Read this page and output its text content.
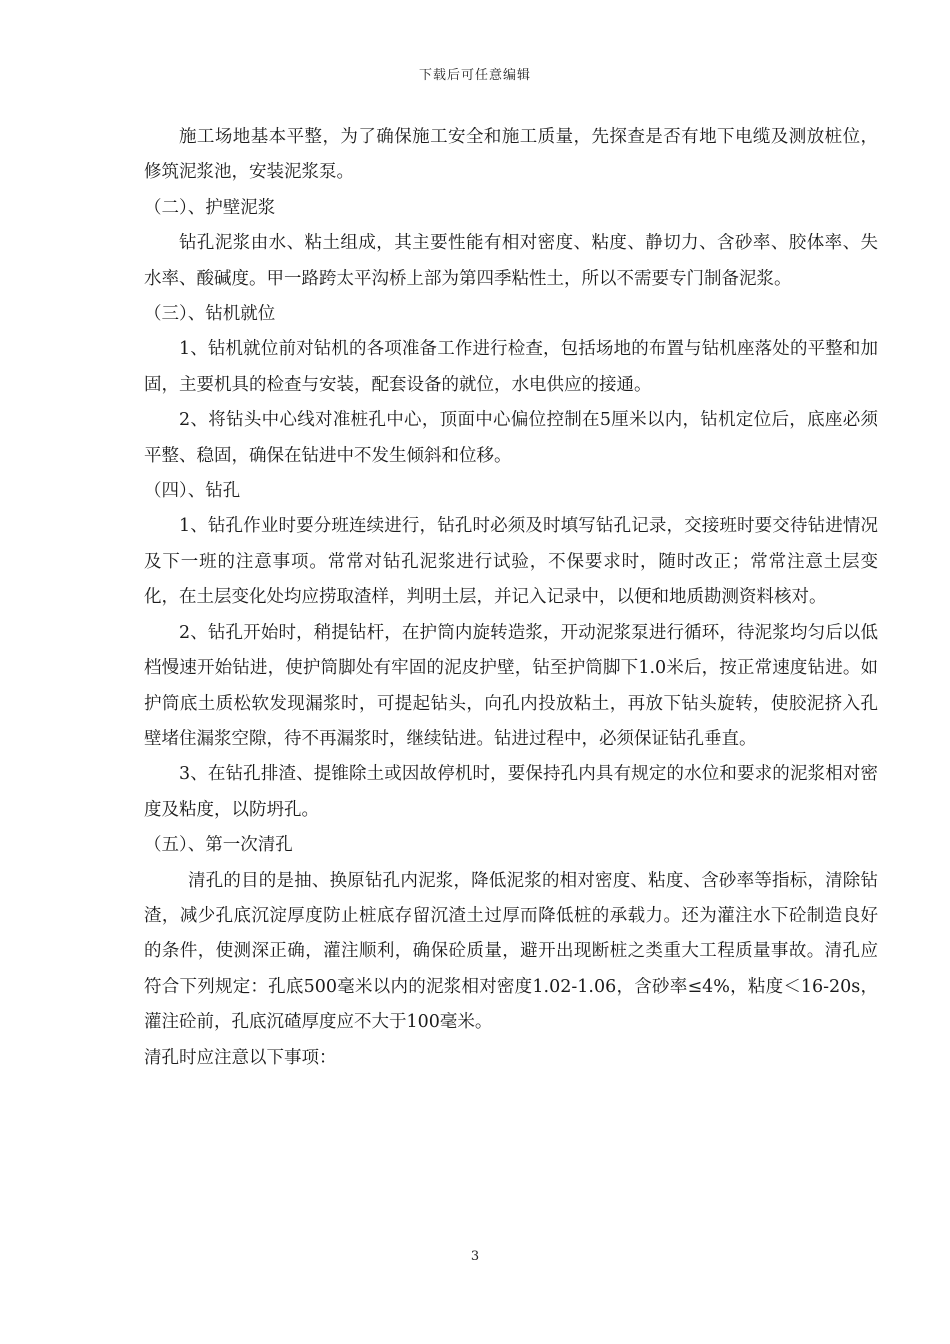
下载后可任意编辑

施工场地基本平整，为了确保施工安全和施工质量，先探查是否有地下电缆及测放桩位，修筑泥浆池，安装泥浆泵。

（二）、护壁泥浆

钻孔泥浆由水、粘土组成，其主要性能有相对密度、粘度、静切力、含砂率、胶体率、失水率、酸碱度。甲一路跨太平沟桥上部为第四季粘性土，所以不需要专门制备泥浆。

（三）、钻机就位

1、钻机就位前对钻机的各项准备工作进行检查，包括场地的布置与钻机座落处的平整和加固，主要机具的检查与安装，配套设备的就位，水电供应的接通。

2、将钻头中心线对准桩孔中心，顶面中心偏位控制在5厘米以内，钻机定位后，底座必须平整、稳固，确保在钻进中不发生倾斜和位移。

（四）、钻孔

1、钻孔作业时要分班连续进行，钻孔时必须及时填写钻孔记录，交接班时要交待钻进情况及下一班的注意事项。常常对钻孔泥浆进行试验，不保要求时，随时改正；常常注意土层变化，在土层变化处均应捞取渣样，判明土层，并记入记录中，以便和地质勘测资料核对。

2、钻孔开始时，稍提钻杆，在护筒内旋转造浆，开动泥浆泵进行循环，待泥浆均匀后以低档慢速开始钻进，使护筒脚处有牢固的泥皮护壁，钻至护筒脚下1.0米后，按正常速度钻进。如护筒底土质松软发现漏浆时，可提起钻头，向孔内投放粘土，再放下钻头旋转，使胶泥挤入孔壁堵住漏浆空隙，待不再漏浆时，继续钻进。钻进过程中，必须保证钻孔垂直。

3、在钻孔排渣、提锥除土或因故停机时，要保持孔内具有规定的水位和要求的泥浆相对密度及粘度，以防坍孔。

（五）、第一次清孔

清孔的目的是抽、换原钻孔内泥浆，降低泥浆的相对密度、粘度、含砂率等指标，清除钻渣，减少孔底沉淀厚度防止桩底存留沉渣土过厚而降低桩的承载力。还为灌注水下砼制造良好的条件，使测深正确，灌注顺利，确保砼质量，避开出现断桩之类重大工程质量事故。清孔应符合下列规定：孔底500毫米以内的泥浆相对密度1.02-1.06，含砂率≤4%，粘度＜16-20s，灌注砼前，孔底沉碴厚度应不大于100毫米。

清孔时应注意以下事项：

3
